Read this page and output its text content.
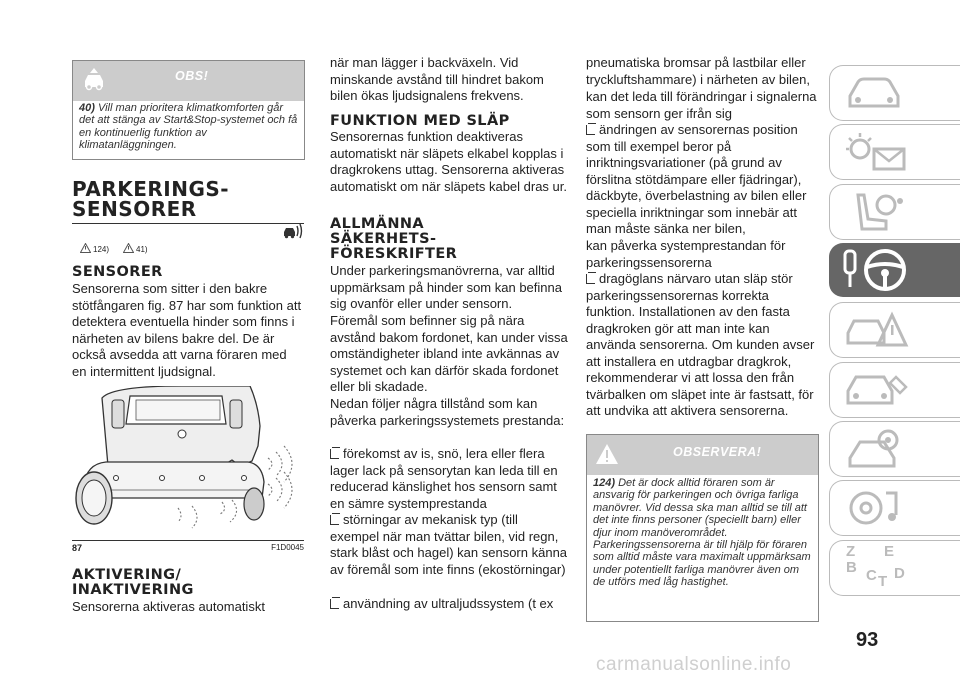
OBS!

40) Vill man prioritera klimatkomforten går det att stänga av Start&Stop-systemet och få en kontinuerlig funktion av klimatanläggningen.

PARKERINGS-

SENSORER

124)	41)

SENSORER

Sensorerna som sitter i den bakre stötfångaren fig. 87 har som funktion att detektera eventuella hinder som finns i närheten av bilens bakre del. De är också avsedda att varna föraren med en intermittent ljudsignal.

87	F1D0045

AKTIVERING/

INAKTIVERING

Sensorerna aktiveras automatiskt

när man lägger i backväxeln. Vid minskande avstånd till hindret bakom bilen ökas ljudsignalens frekvens.

FUNKTION MED SLÄP

Sensorernas funktion deaktiveras automatiskt när släpets elkabel kopplas i dragkrokens uttag. Sensorerna aktiveras automatiskt om när släpets kabel dras ur.

ALLMÄNNA

SÄKERHETS-

FÖRESKRIFTER

Under parkeringsmanövrerna, var alltid uppmärksam på hinder som kan befinna sig ovanför eller under sensorn.

Föremål som befinner sig på nära avstånd bakom fordonet, kan under vissa omständigheter ibland inte avkännas av systemet och kan därför skada fordonet eller bli skadade.

Nedan följer några tillstånd som kan påverka parkeringssystemets prestanda:

förekomst av is, snö, lera eller flera lager lack på sensorytan kan leda till en reducerad känslighet hos sensorn samt en sämre systemprestanda

störningar av mekanisk typ (till exempel när man tvättar bilen, vid regn, stark blåst och hagel) kan sensorn känna av föremål som inte finns (ekostörningar)

användning av ultraljudssystem (t ex

pneumatiska bromsar på lastbilar eller tryckluftshammare) i närheten av bilen,

kan det leda till förändringar i signalerna som sensorn ger ifrån sig

ändringen av sensorernas position som till exempel beror på inriktningsvariationer (på grund av förslitna stötdämpare eller fjädringar), däckbyte, överbelastning av bilen eller speciella inriktningar som innebär att man måste sänka ner bilen,

kan påverka systemprestandan för parkeringssensorerna

dragöglans närvaro utan släp stör parkeringssensorernas korrekta funktion. Installationen av den fasta dragkroken gör att man inte kan använda sensorerna. Om kunden avser att installera en utdragbar dragkrok, rekommenderar vi att lossa den från tvärbalken om släpet inte är fastsatt, för att undvika att aktivera sensorerna.

OBSERVERA!

124) Det är dock alltid föraren som är ansvarig för parkeringen och övriga farliga manövrer. Vid dessa ska man alltid se till att det inte finns personer (speciellt barn) eller djur inom manöverområdet. Parkeringssensorerna är till hjälp för föraren som alltid måste vara maximalt uppmärksam under potentiellt farliga manövrer även om de utförs med låg hastighet.

Z E
B C T D
93
carmanualsonline.info
